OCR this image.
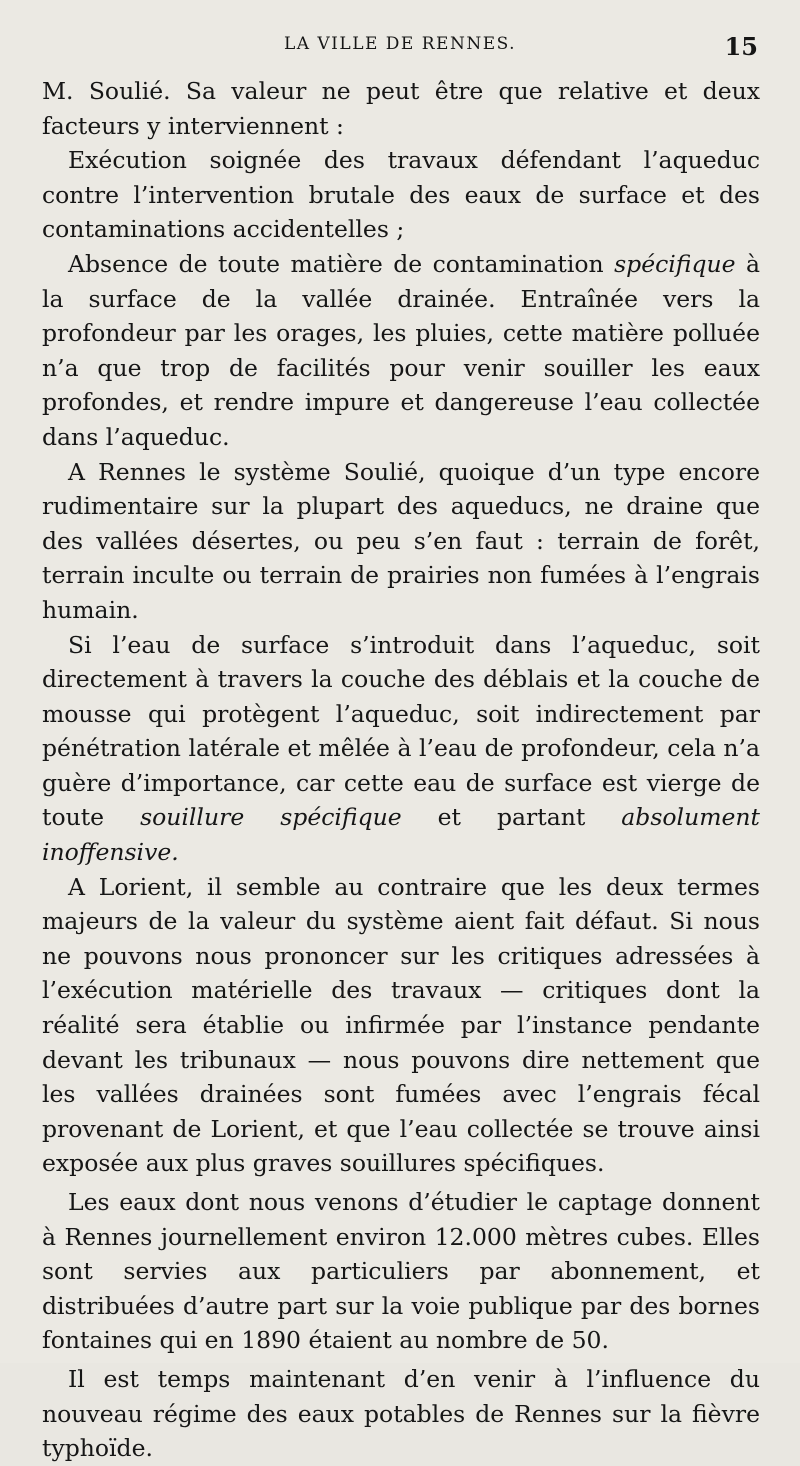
LA VILLE DE RENNES.	15

M. Soulié. Sa valeur ne peut être que relative et deux facteurs y interviennent :

Exécution soignée des travaux défendant l’aqueduc contre l’intervention brutale des eaux de surface et des contaminations accidentelles ;

Absence de toute matière de contamination spécifique à la surface de la vallée drainée. Entraînée vers la profondeur par les orages, les pluies, cette matière polluée n’a que trop de facilités pour venir souiller les eaux profondes, et rendre impure et dangereuse l’eau collectée dans l’aqueduc.

A Rennes le système Soulié, quoique d’un type encore rudimentaire sur la plupart des aqueducs, ne draine que des vallées désertes, ou peu s’en faut : terrain de forêt, terrain inculte ou terrain de prairies non fumées à l’engrais humain.

Si l’eau de surface s’introduit dans l’aqueduc, soit directement à travers la couche des déblais et la couche de mousse qui protègent l’aqueduc, soit indirectement par pénétration latérale et mêlée à l’eau de profondeur, cela n’a guère d’importance, car cette eau de surface est vierge de toute souillure spécifique et partant absolument inoffensive.

A Lorient, il semble au contraire que les deux termes majeurs de la valeur du système aient fait défaut. Si nous ne pouvons nous prononcer sur les critiques adressées à l’exécution matérielle des travaux — critiques dont la réalité sera établie ou infirmée par l’instance pendante devant les tribunaux — nous pouvons dire nettement que les vallées drainées sont fumées avec l’engrais fécal provenant de Lorient, et que l’eau collectée se trouve ainsi exposée aux plus graves souillures spécifiques.

Les eaux dont nous venons d’étudier le captage donnent à Rennes journellement environ 12.000 mètres cubes. Elles sont servies aux particuliers par abonnement, et distribuées d’autre part sur la voie publique par des bornes fontaines qui en 1890 étaient au nombre de 50.

Il est temps maintenant d’en venir à l’influence du nouveau régime des eaux potables de Rennes sur la fièvre typhoïde.
